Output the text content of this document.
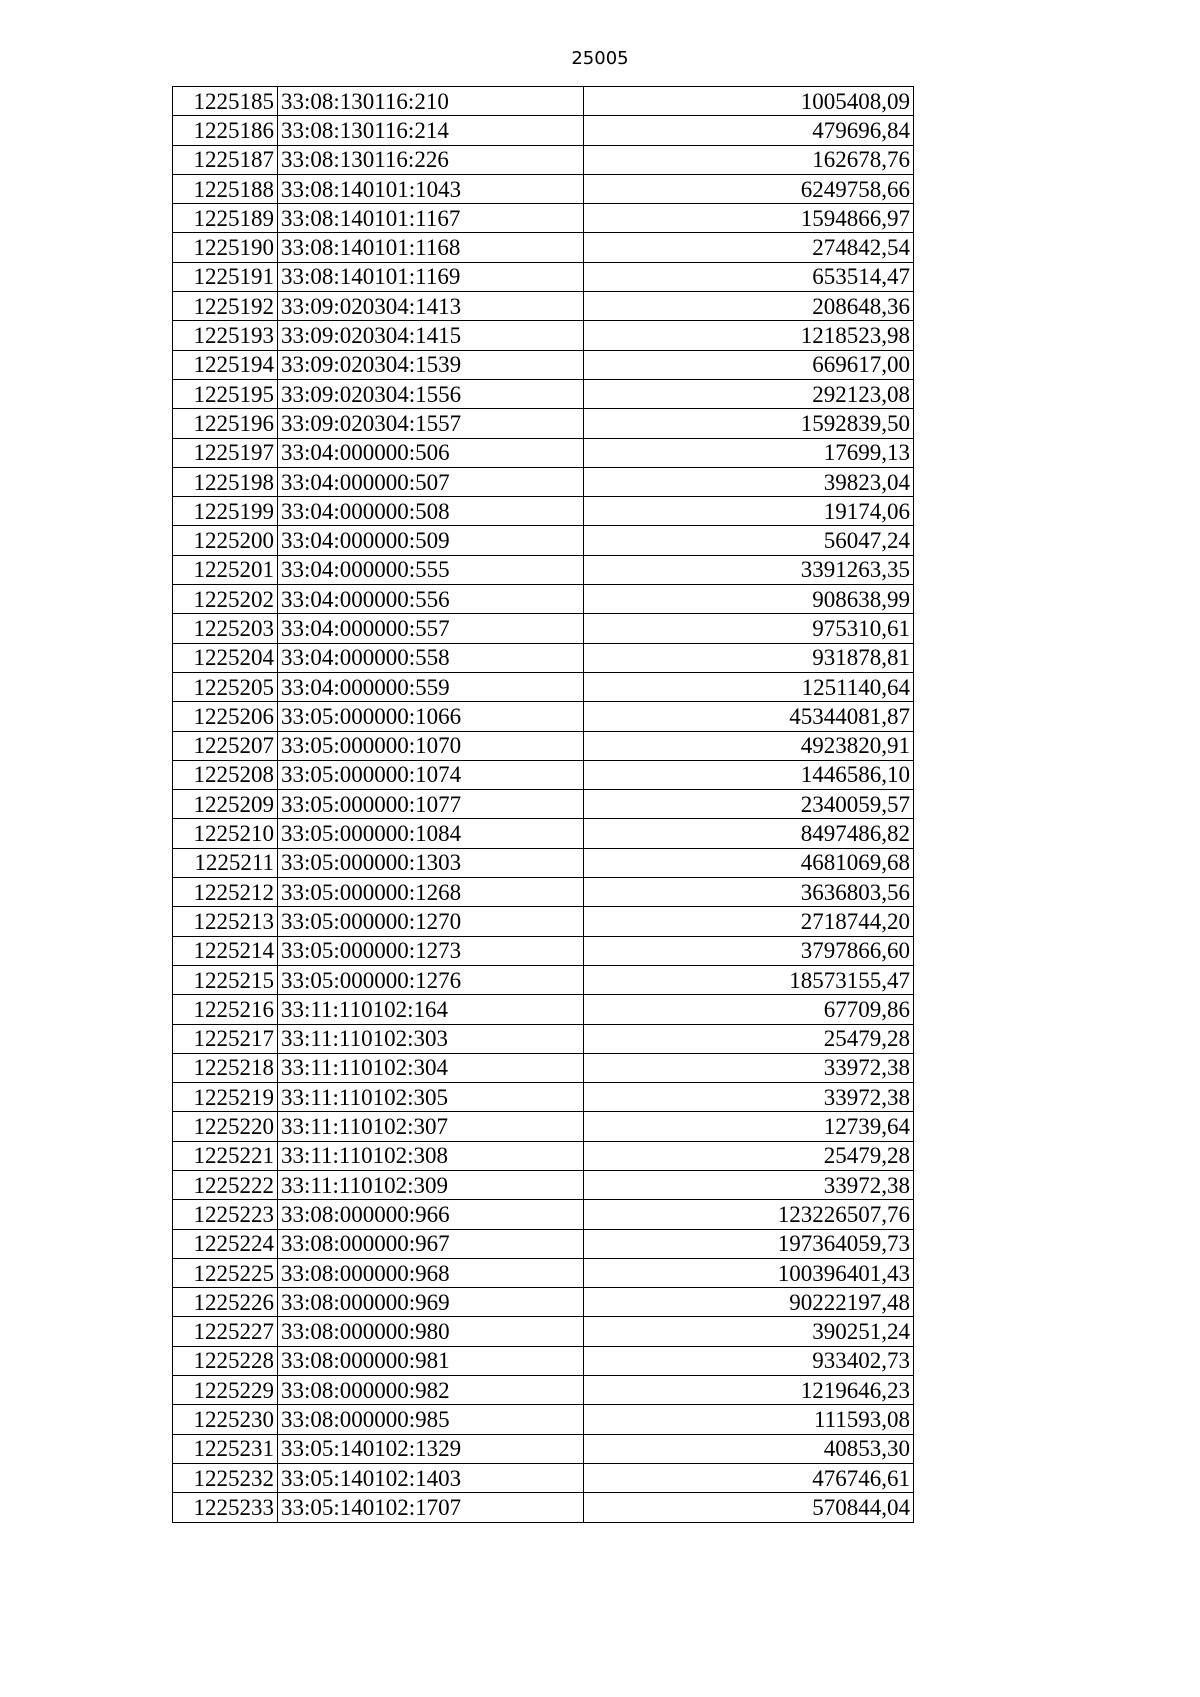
25005
1225185	33:08:130116:210	1005408,09
1225186	33:08:130116:214	479696,84
1225187	33:08:130116:226	162678,76
1225188	33:08:140101:1043	6249758,66
1225189	33:08:140101:1167	1594866,97
1225190	33:08:140101:1168	274842,54
1225191	33:08:140101:1169	653514,47
1225192	33:09:020304:1413	208648,36
1225193	33:09:020304:1415	1218523,98
1225194	33:09:020304:1539	669617,00
1225195	33:09:020304:1556	292123,08
1225196	33:09:020304:1557	1592839,50
1225197	33:04:000000:506	17699,13
1225198	33:04:000000:507	39823,04
1225199	33:04:000000:508	19174,06
1225200	33:04:000000:509	56047,24
1225201	33:04:000000:555	3391263,35
1225202	33:04:000000:556	908638,99
1225203	33:04:000000:557	975310,61
1225204	33:04:000000:558	931878,81
1225205	33:04:000000:559	1251140,64
1225206	33:05:000000:1066	45344081,87
1225207	33:05:000000:1070	4923820,91
1225208	33:05:000000:1074	1446586,10
1225209	33:05:000000:1077	2340059,57
1225210	33:05:000000:1084	8497486,82
1225211	33:05:000000:1303	4681069,68
1225212	33:05:000000:1268	3636803,56
1225213	33:05:000000:1270	2718744,20
1225214	33:05:000000:1273	3797866,60
1225215	33:05:000000:1276	18573155,47
1225216	33:11:110102:164	67709,86
1225217	33:11:110102:303	25479,28
1225218	33:11:110102:304	33972,38
1225219	33:11:110102:305	33972,38
1225220	33:11:110102:307	12739,64
1225221	33:11:110102:308	25479,28
1225222	33:11:110102:309	33972,38
1225223	33:08:000000:966	123226507,76
1225224	33:08:000000:967	197364059,73
1225225	33:08:000000:968	100396401,43
1225226	33:08:000000:969	90222197,48
1225227	33:08:000000:980	390251,24
1225228	33:08:000000:981	933402,73
1225229	33:08:000000:982	1219646,23
1225230	33:08:000000:985	111593,08
1225231	33:05:140102:1329	40853,30
1225232	33:05:140102:1403	476746,61
1225233	33:05:140102:1707	570844,04
